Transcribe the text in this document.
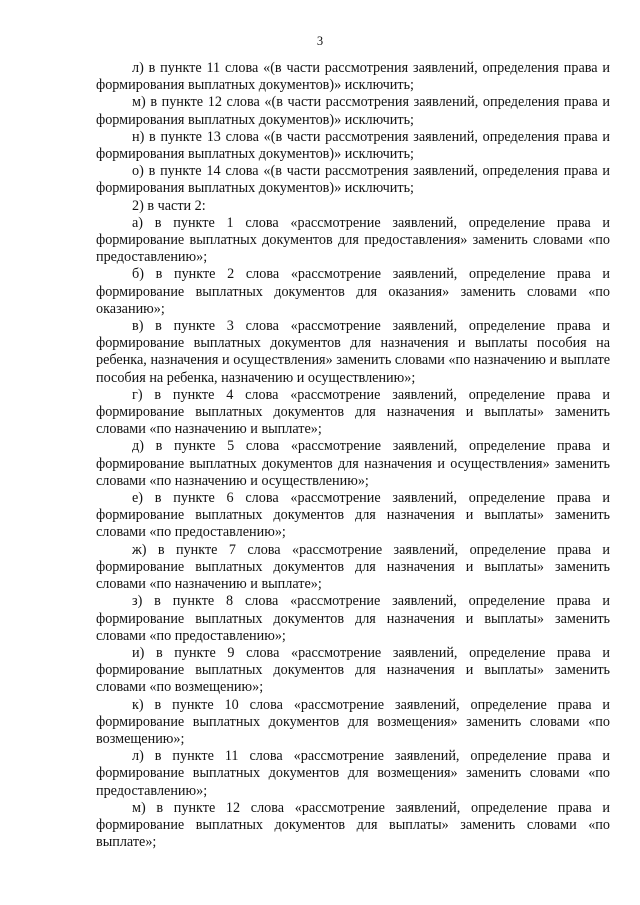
3

л) в пункте 11 слова «(в части рассмотрения заявлений, определения права и формирования выплатных документов)» исключить;

м) в пункте 12 слова «(в части рассмотрения заявлений, определения права и формирования выплатных документов)» исключить;

н) в пункте 13 слова «(в части рассмотрения заявлений, определения права и формирования выплатных документов)» исключить;

о) в пункте 14 слова «(в части рассмотрения заявлений, определения права и формирования выплатных документов)» исключить;

2) в части 2:

а) в пункте 1 слова «рассмотрение заявлений, определение права и формирование выплатных документов для предоставления» заменить словами «по предоставлению»;

б) в пункте 2 слова «рассмотрение заявлений, определение права и формирование выплатных документов для оказания» заменить словами «по оказанию»;

в) в пункте 3 слова «рассмотрение заявлений, определение права и формирование выплатных документов для назначения и выплаты пособия на ребенка, назначения и осуществления» заменить словами «по назначению и выплате пособия на ребенка, назначению и осуществлению»;

г) в пункте 4 слова «рассмотрение заявлений, определение права и формирование выплатных документов для назначения и выплаты» заменить словами «по назначению и выплате»;

д) в пункте 5 слова «рассмотрение заявлений, определение права и формирование выплатных документов для назначения и осуществления» заменить словами «по назначению и осуществлению»;

е) в пункте 6 слова «рассмотрение заявлений, определение права и формирование выплатных документов для назначения и выплаты» заменить словами «по предоставлению»;

ж) в пункте 7 слова «рассмотрение заявлений, определение права и формирование выплатных документов для назначения и выплаты» заменить словами «по назначению и выплате»;

з) в пункте 8 слова «рассмотрение заявлений, определение права и формирование выплатных документов для назначения и выплаты» заменить словами «по предоставлению»;

и) в пункте 9 слова «рассмотрение заявлений, определение права и формирование выплатных документов для назначения и выплаты» заменить словами «по возмещению»;

к) в пункте 10 слова «рассмотрение заявлений, определение права и формирование выплатных документов для возмещения» заменить словами «по возмещению»;

л) в пункте 11 слова «рассмотрение заявлений, определение права и формирование выплатных документов для возмещения» заменить словами «по предоставлению»;

м) в пункте 12 слова «рассмотрение заявлений, определение права и формирование выплатных документов для выплаты» заменить словами «по выплате»;
